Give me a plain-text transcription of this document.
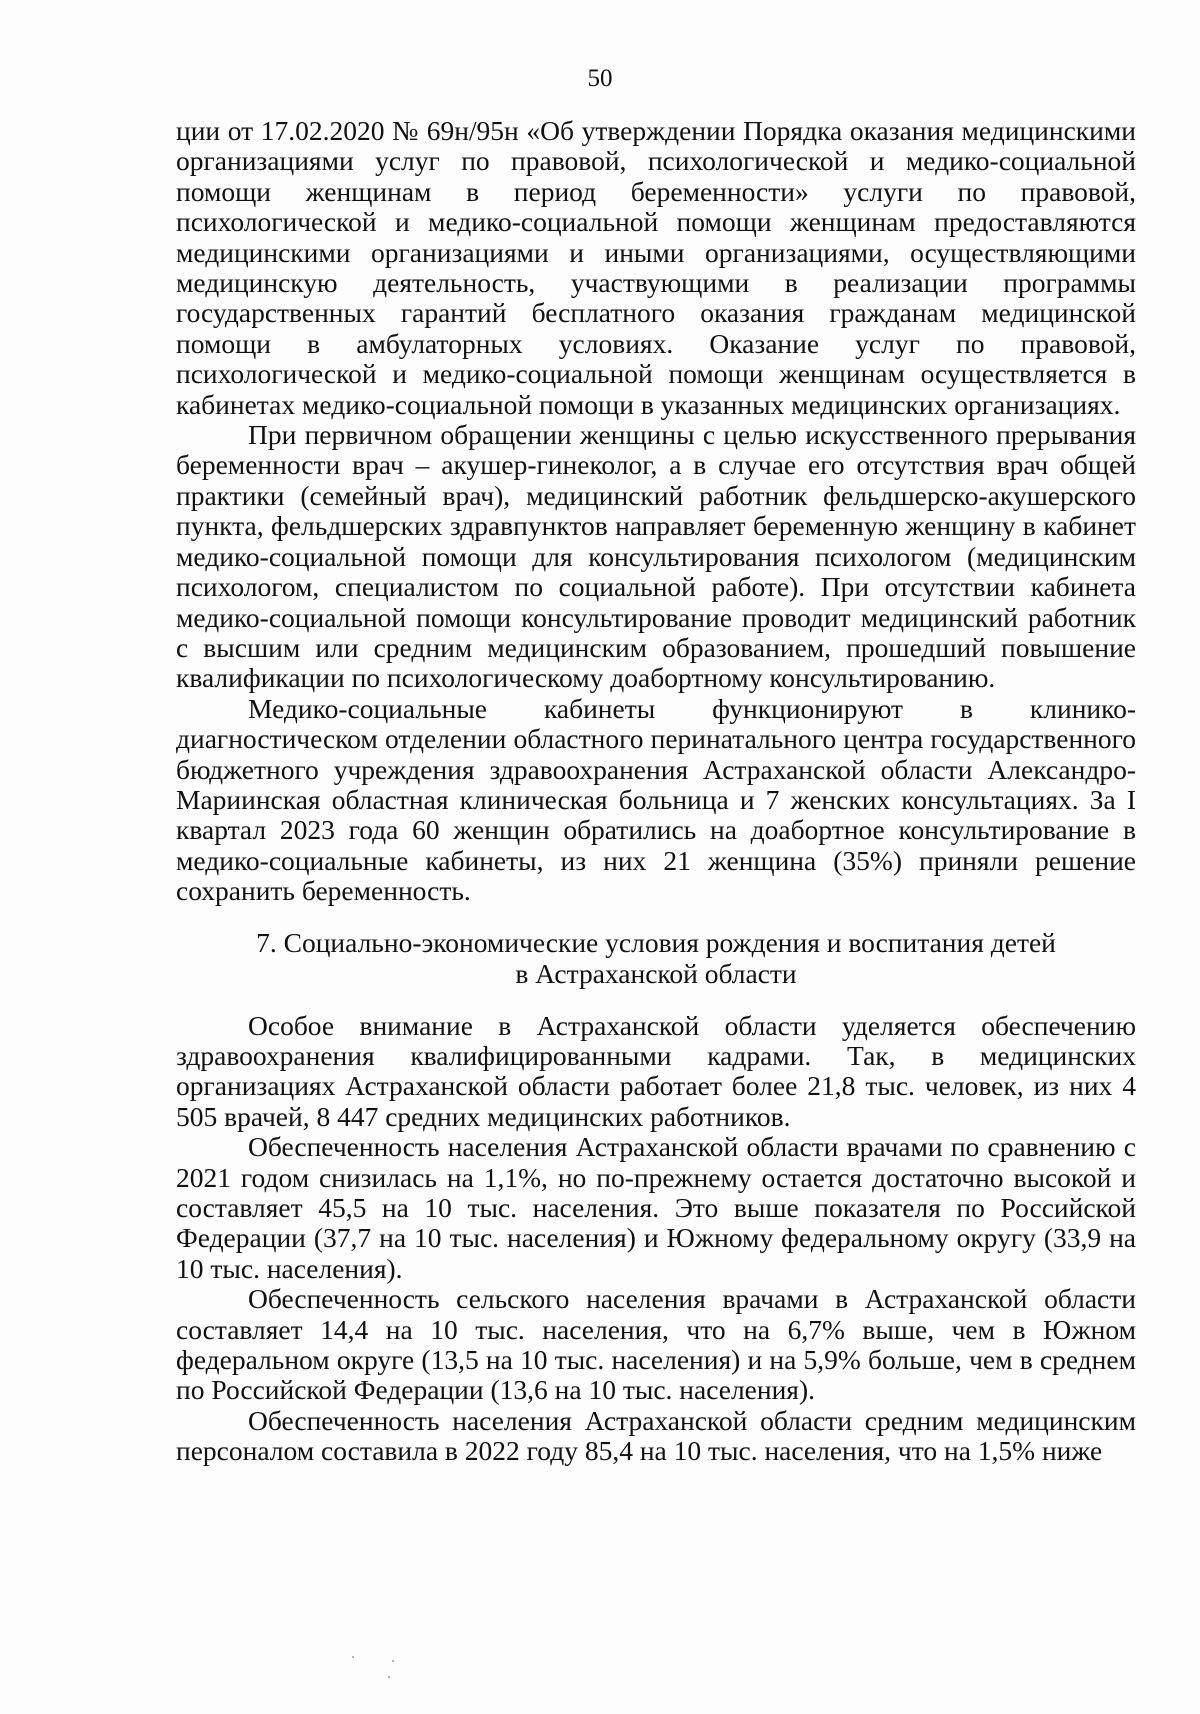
50

ции от 17.02.2020 № 69н/95н «Об утверждении Порядка оказания медицинскими организациями услуг по правовой, психологической и медико-социальной помощи женщинам в период беременности» услуги по правовой, психологической и медико-социальной помощи женщинам предоставляются медицинскими организациями и иными организациями, осуществляющими медицинскую деятельность, участвующими в реализации программы государственных гарантий бесплатного оказания гражданам медицинской помощи в амбулаторных условиях. Оказание услуг по правовой, психологической и медико-социальной помощи женщинам осуществляется в кабинетах медико-социальной помощи в указанных медицинских организациях.

При первичном обращении женщины с целью искусственного прерывания беременности врач – акушер-гинеколог, а в случае его отсутствия врач общей практики (семейный врач), медицинский работник фельдшерско-акушерского пункта, фельдшерских здравпунктов направляет беременную женщину в кабинет медико-социальной помощи для консультирования психологом (медицинским психологом, специалистом по социальной работе). При отсутствии кабинета медико-социальной помощи консультирование проводит медицинский работник с высшим или средним медицинским образованием, прошедший повышение квалификации по психологическому доабортному консультированию.

Медико-социальные кабинеты функционируют в клинико-диагностическом отделении областного перинатального центра государственного бюджетного учреждения здравоохранения Астраханской области Александро-Мариинская областная клиническая больница и 7 женских консультациях. За I квартал 2023 года 60 женщин обратились на доабортное консультирование в медико-социальные кабинеты, из них 21 женщина (35%) приняли решение сохранить беременность.

7. Социально-экономические условия рождения и воспитания детей
в Астраханской области

Особое внимание в Астраханской области уделяется обеспечению здравоохранения квалифицированными кадрами. Так, в медицинских организациях Астраханской области работает более 21,8 тыс. человек, из них 4 505 врачей, 8 447 средних медицинских работников.

Обеспеченность населения Астраханской области врачами по сравнению с 2021 годом снизилась на 1,1%, но по-прежнему остается достаточно высокой и составляет 45,5 на 10 тыс. населения. Это выше показателя по Российской Федерации (37,7 на 10 тыс. населения) и Южному федеральному округу (33,9 на 10 тыс. населения).

Обеспеченность сельского населения врачами в Астраханской области составляет 14,4 на 10 тыс. населения, что на 6,7% выше, чем в Южном федеральном округе (13,5 на 10 тыс. населения) и на 5,9% больше, чем в среднем по Российской Федерации (13,6 на 10 тыс. населения).

Обеспеченность населения Астраханской области средним медицинским персоналом составила в 2022 году 85,4 на 10 тыс. населения, что на 1,5% ниже
